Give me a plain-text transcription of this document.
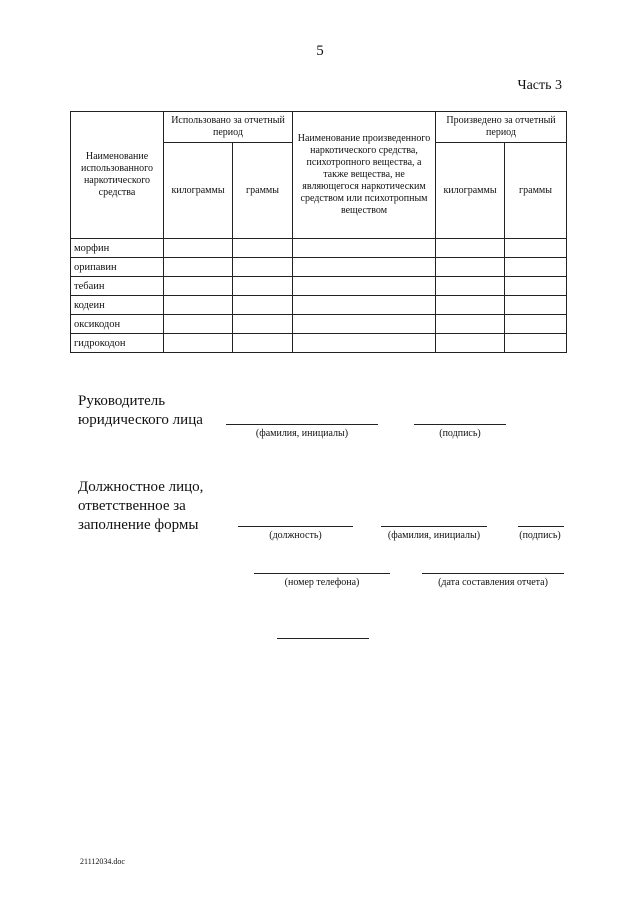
5
Часть 3
Наименование использованного наркотического средства	Использовано за отчетный период		Наименование произведенного наркотического средства, психотропного вещества, а также вещества, не являющегося наркотическим средством или психотропным веществом	Произведено за отчетный период	
	килограммы	граммы		килограммы	граммы
морфин					
орипавин					
тебаин					
кодеин					
оксикодон					
гидрокодон					
Руководитель юридического лица
(фамилия, инициалы)	(подпись)
Должностное лицо, ответственное за заполнение формы
(должность)	(фамилия, инициалы)	(подпись)
(номер телефона)	(дата составления отчета)
21112034.doc
